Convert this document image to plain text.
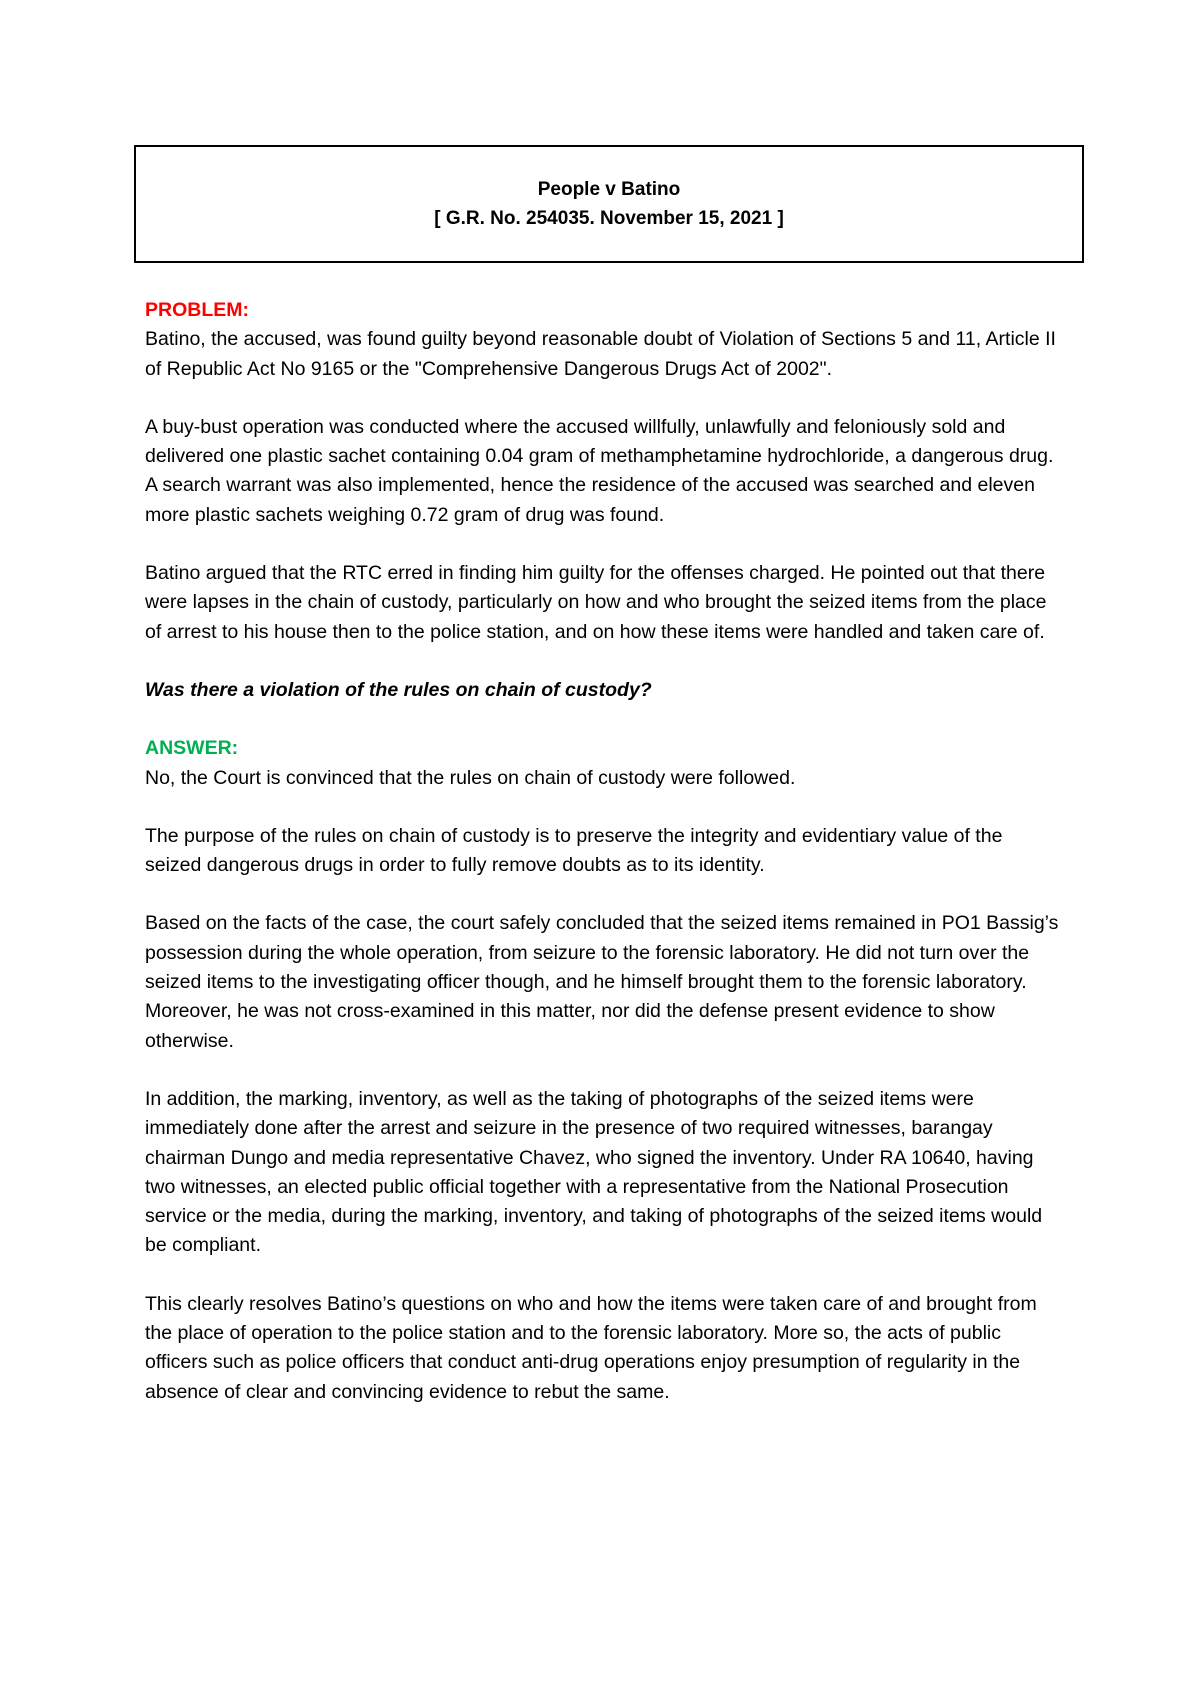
People v Batino
[ G.R. No. 254035. November 15, 2021 ]
PROBLEM:

Batino, the accused, was found guilty beyond reasonable doubt of Violation of Sections 5 and 11, Article II of Republic Act No 9165 or the "Comprehensive Dangerous Drugs Act of 2002".

A buy-bust operation was conducted where the accused willfully, unlawfully and feloniously sold and delivered one plastic sachet containing 0.04 gram of methamphetamine hydrochloride, a dangerous drug. A search warrant was also implemented, hence the residence of the accused was searched and eleven more plastic sachets weighing 0.72 gram of drug was found.

Batino argued that the RTC erred in finding him guilty for the offenses charged. He pointed out that there were lapses in the chain of custody, particularly on how and who brought the seized items from the place of arrest to his house then to the police station, and on how these items were handled and taken care of.

Was there a violation of the rules on chain of custody?

ANSWER:

No, the Court is convinced that the rules on chain of custody were followed.

The purpose of the rules on chain of custody is to preserve the integrity and evidentiary value of the seized dangerous drugs in order to fully remove doubts as to its identity.

Based on the facts of the case, the court safely concluded that the seized items remained in PO1 Bassig’s possession during the whole operation, from seizure to the forensic laboratory. He did not turn over the seized items to the investigating officer though, and he himself brought them to the forensic laboratory. Moreover, he was not cross-examined in this matter, nor did the defense present evidence to show otherwise.

In addition, the marking, inventory, as well as the taking of photographs of the seized items were immediately done after the arrest and seizure in the presence of two required witnesses, barangay chairman Dungo and media representative Chavez, who signed the inventory. Under RA 10640, having two witnesses, an elected public official together with a representative from the National Prosecution service or the media, during the marking, inventory, and taking of photographs of the seized items would be compliant.

This clearly resolves Batino’s questions on who and how the items were taken care of and brought from the place of operation to the police station and to the forensic laboratory. More so, the acts of public officers such as police officers that conduct anti-drug operations enjoy presumption of regularity in the absence of clear and convincing evidence to rebut the same.
